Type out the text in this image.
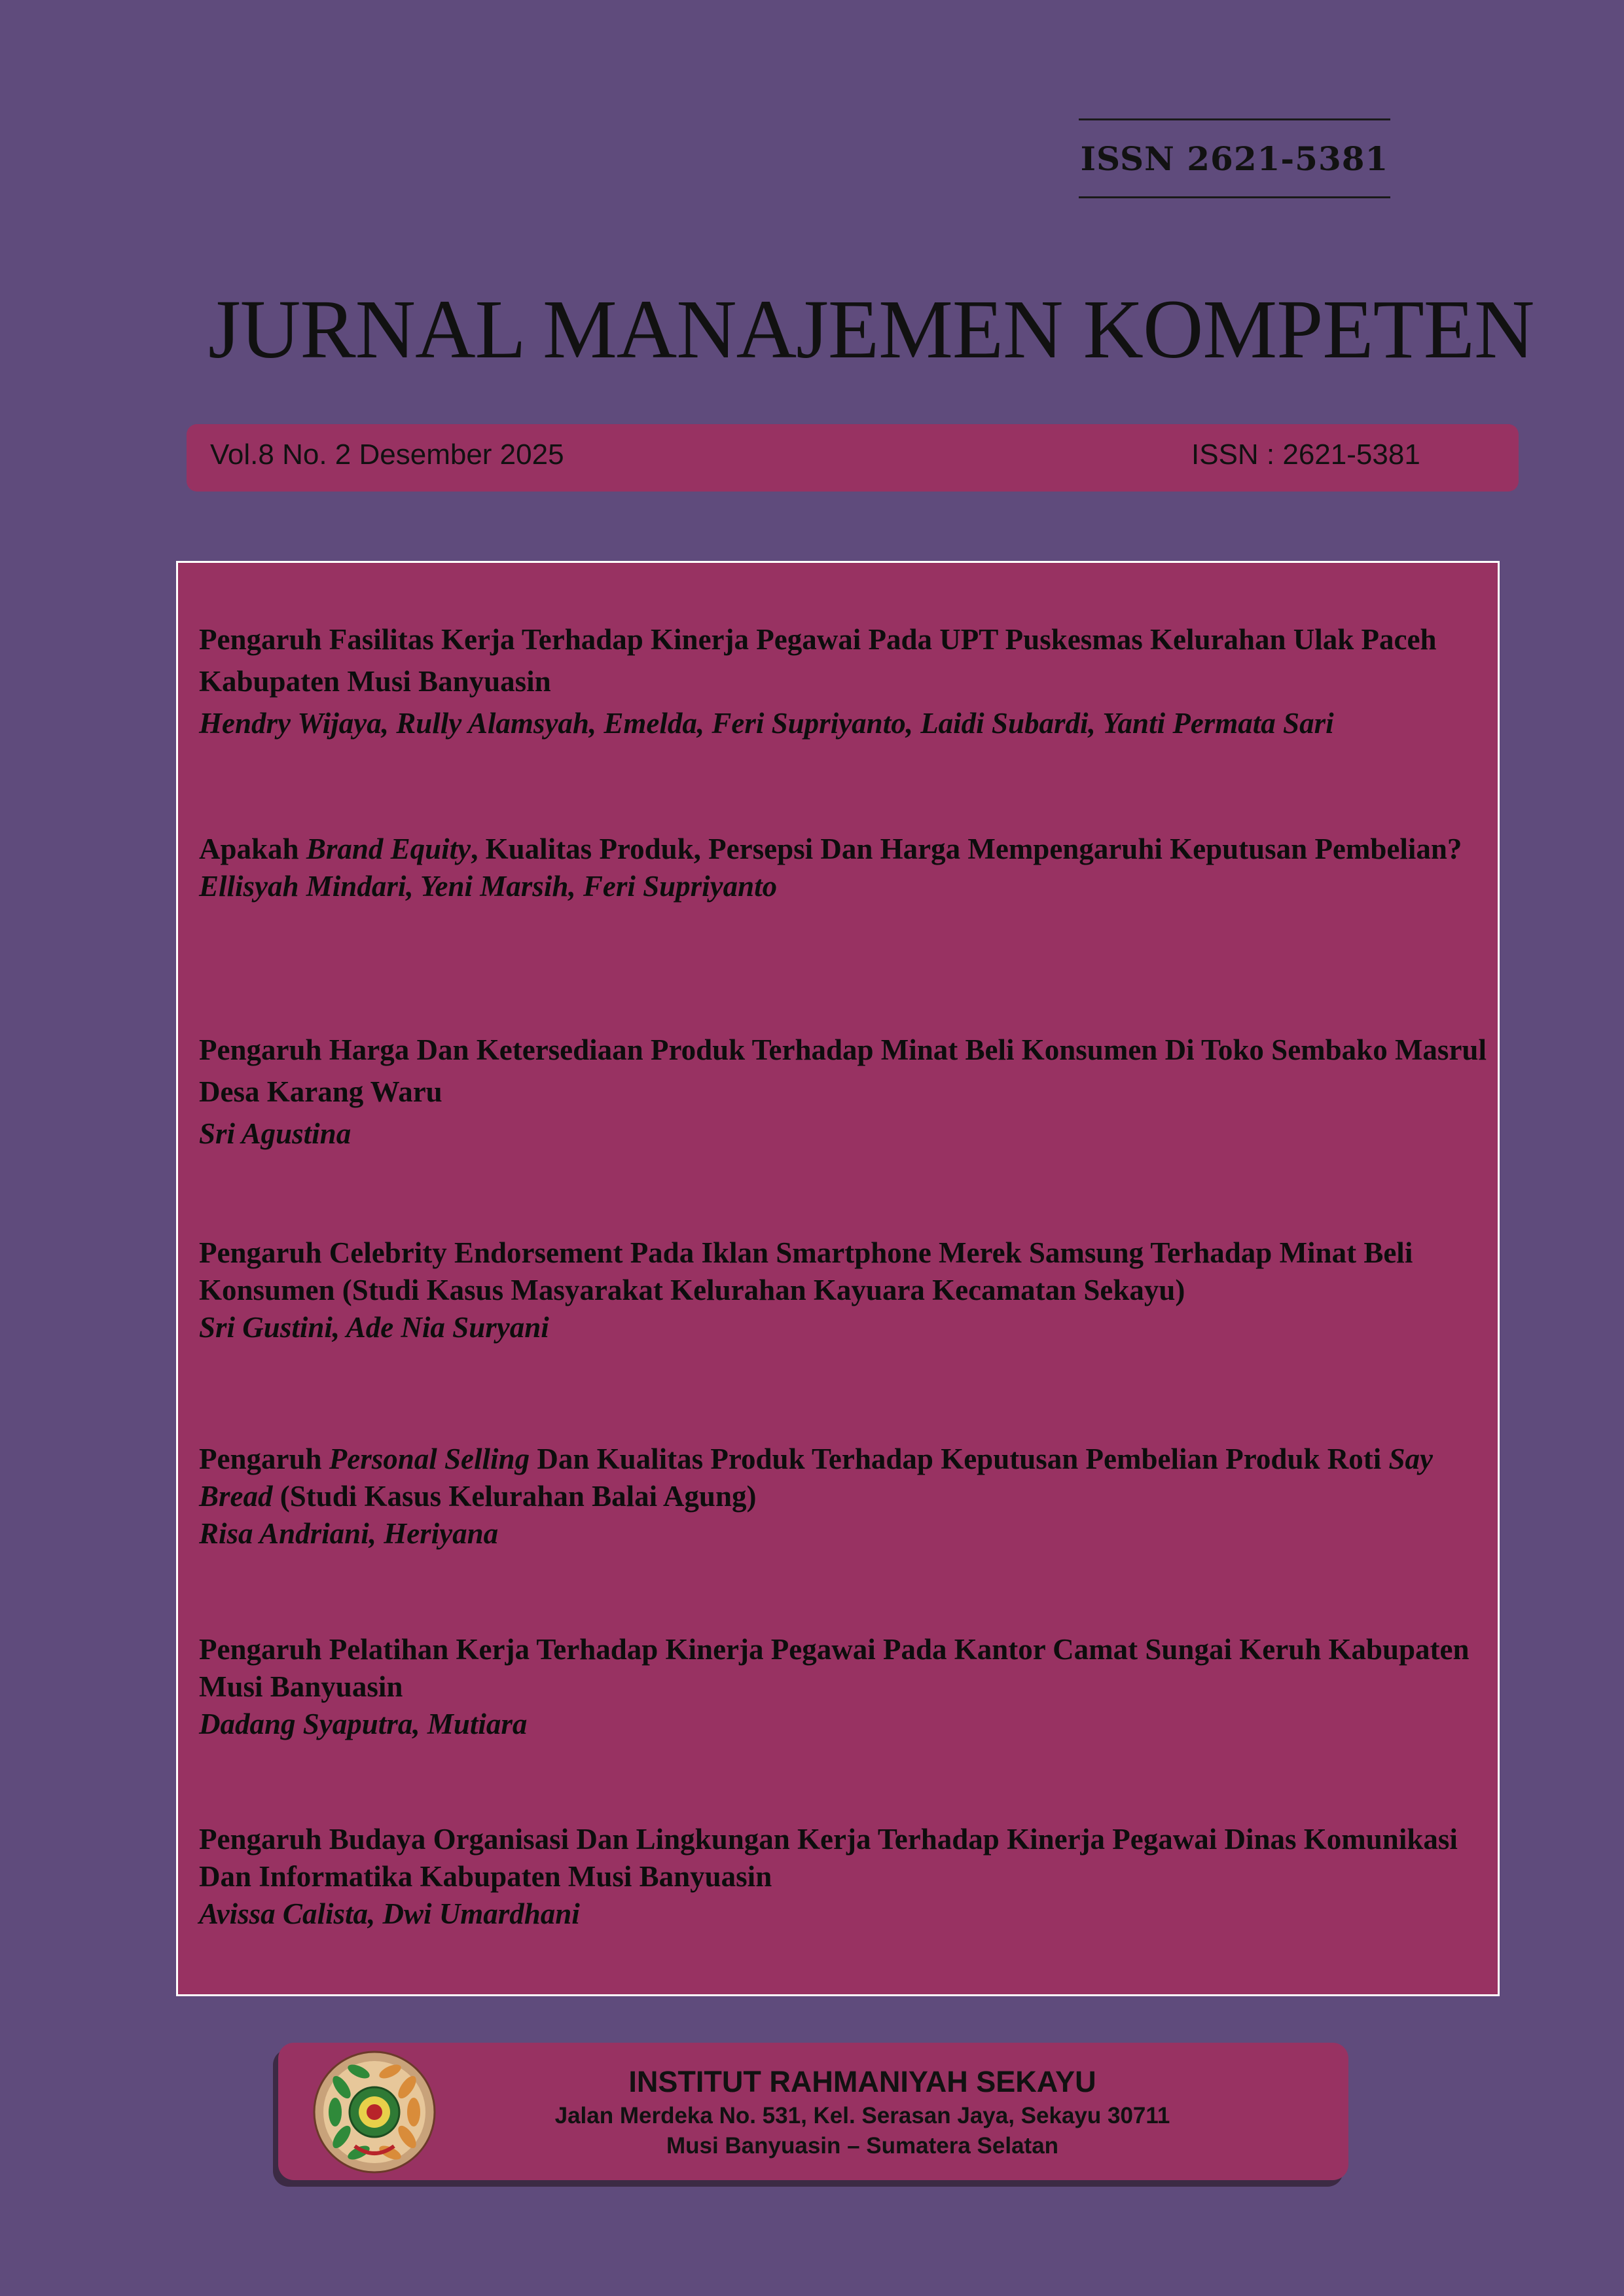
ISSN 2621-5381
JURNAL MANAJEMEN KOMPETEN
Vol.8 No. 2 Desember 2025	ISSN : 2621-5381

Pengaruh Fasilitas Kerja Terhadap Kinerja Pegawai Pada UPT Puskesmas Kelurahan Ulak Paceh Kabupaten Musi Banyuasin

Hendry Wijaya, Rully Alamsyah, Emelda, Feri Supriyanto, Laidi Subardi, Yanti Permata Sari

Apakah Brand Equity, Kualitas Produk, Persepsi Dan Harga Mempengaruhi Keputusan Pembelian?

Ellisyah Mindari, Yeni Marsih, Feri Supriyanto

Pengaruh Harga Dan Ketersediaan Produk Terhadap Minat Beli Konsumen Di Toko Sembako Masrul Desa Karang Waru

Sri Agustina

Pengaruh Celebrity Endorsement Pada Iklan Smartphone Merek Samsung Terhadap Minat Beli Konsumen (Studi Kasus Masyarakat Kelurahan Kayuara Kecamatan Sekayu)

Sri Gustini, Ade Nia Suryani

Pengaruh Personal Selling Dan Kualitas Produk Terhadap Keputusan Pembelian Produk Roti Say Bread (Studi Kasus Kelurahan Balai Agung)

Risa Andriani, Heriyana

Pengaruh Pelatihan Kerja Terhadap Kinerja Pegawai Pada Kantor Camat Sungai Keruh Kabupaten Musi Banyuasin

Dadang Syaputra, Mutiara

Pengaruh Budaya Organisasi Dan Lingkungan Kerja Terhadap Kinerja Pegawai Dinas Komunikasi Dan Informatika Kabupaten Musi Banyuasin

Avissa Calista, Dwi Umardhani

INSTITUT RAHMANIYAH SEKAYU
Jalan Merdeka No. 531, Kel. Serasan Jaya, Sekayu 30711
Musi Banyuasin – Sumatera Selatan
